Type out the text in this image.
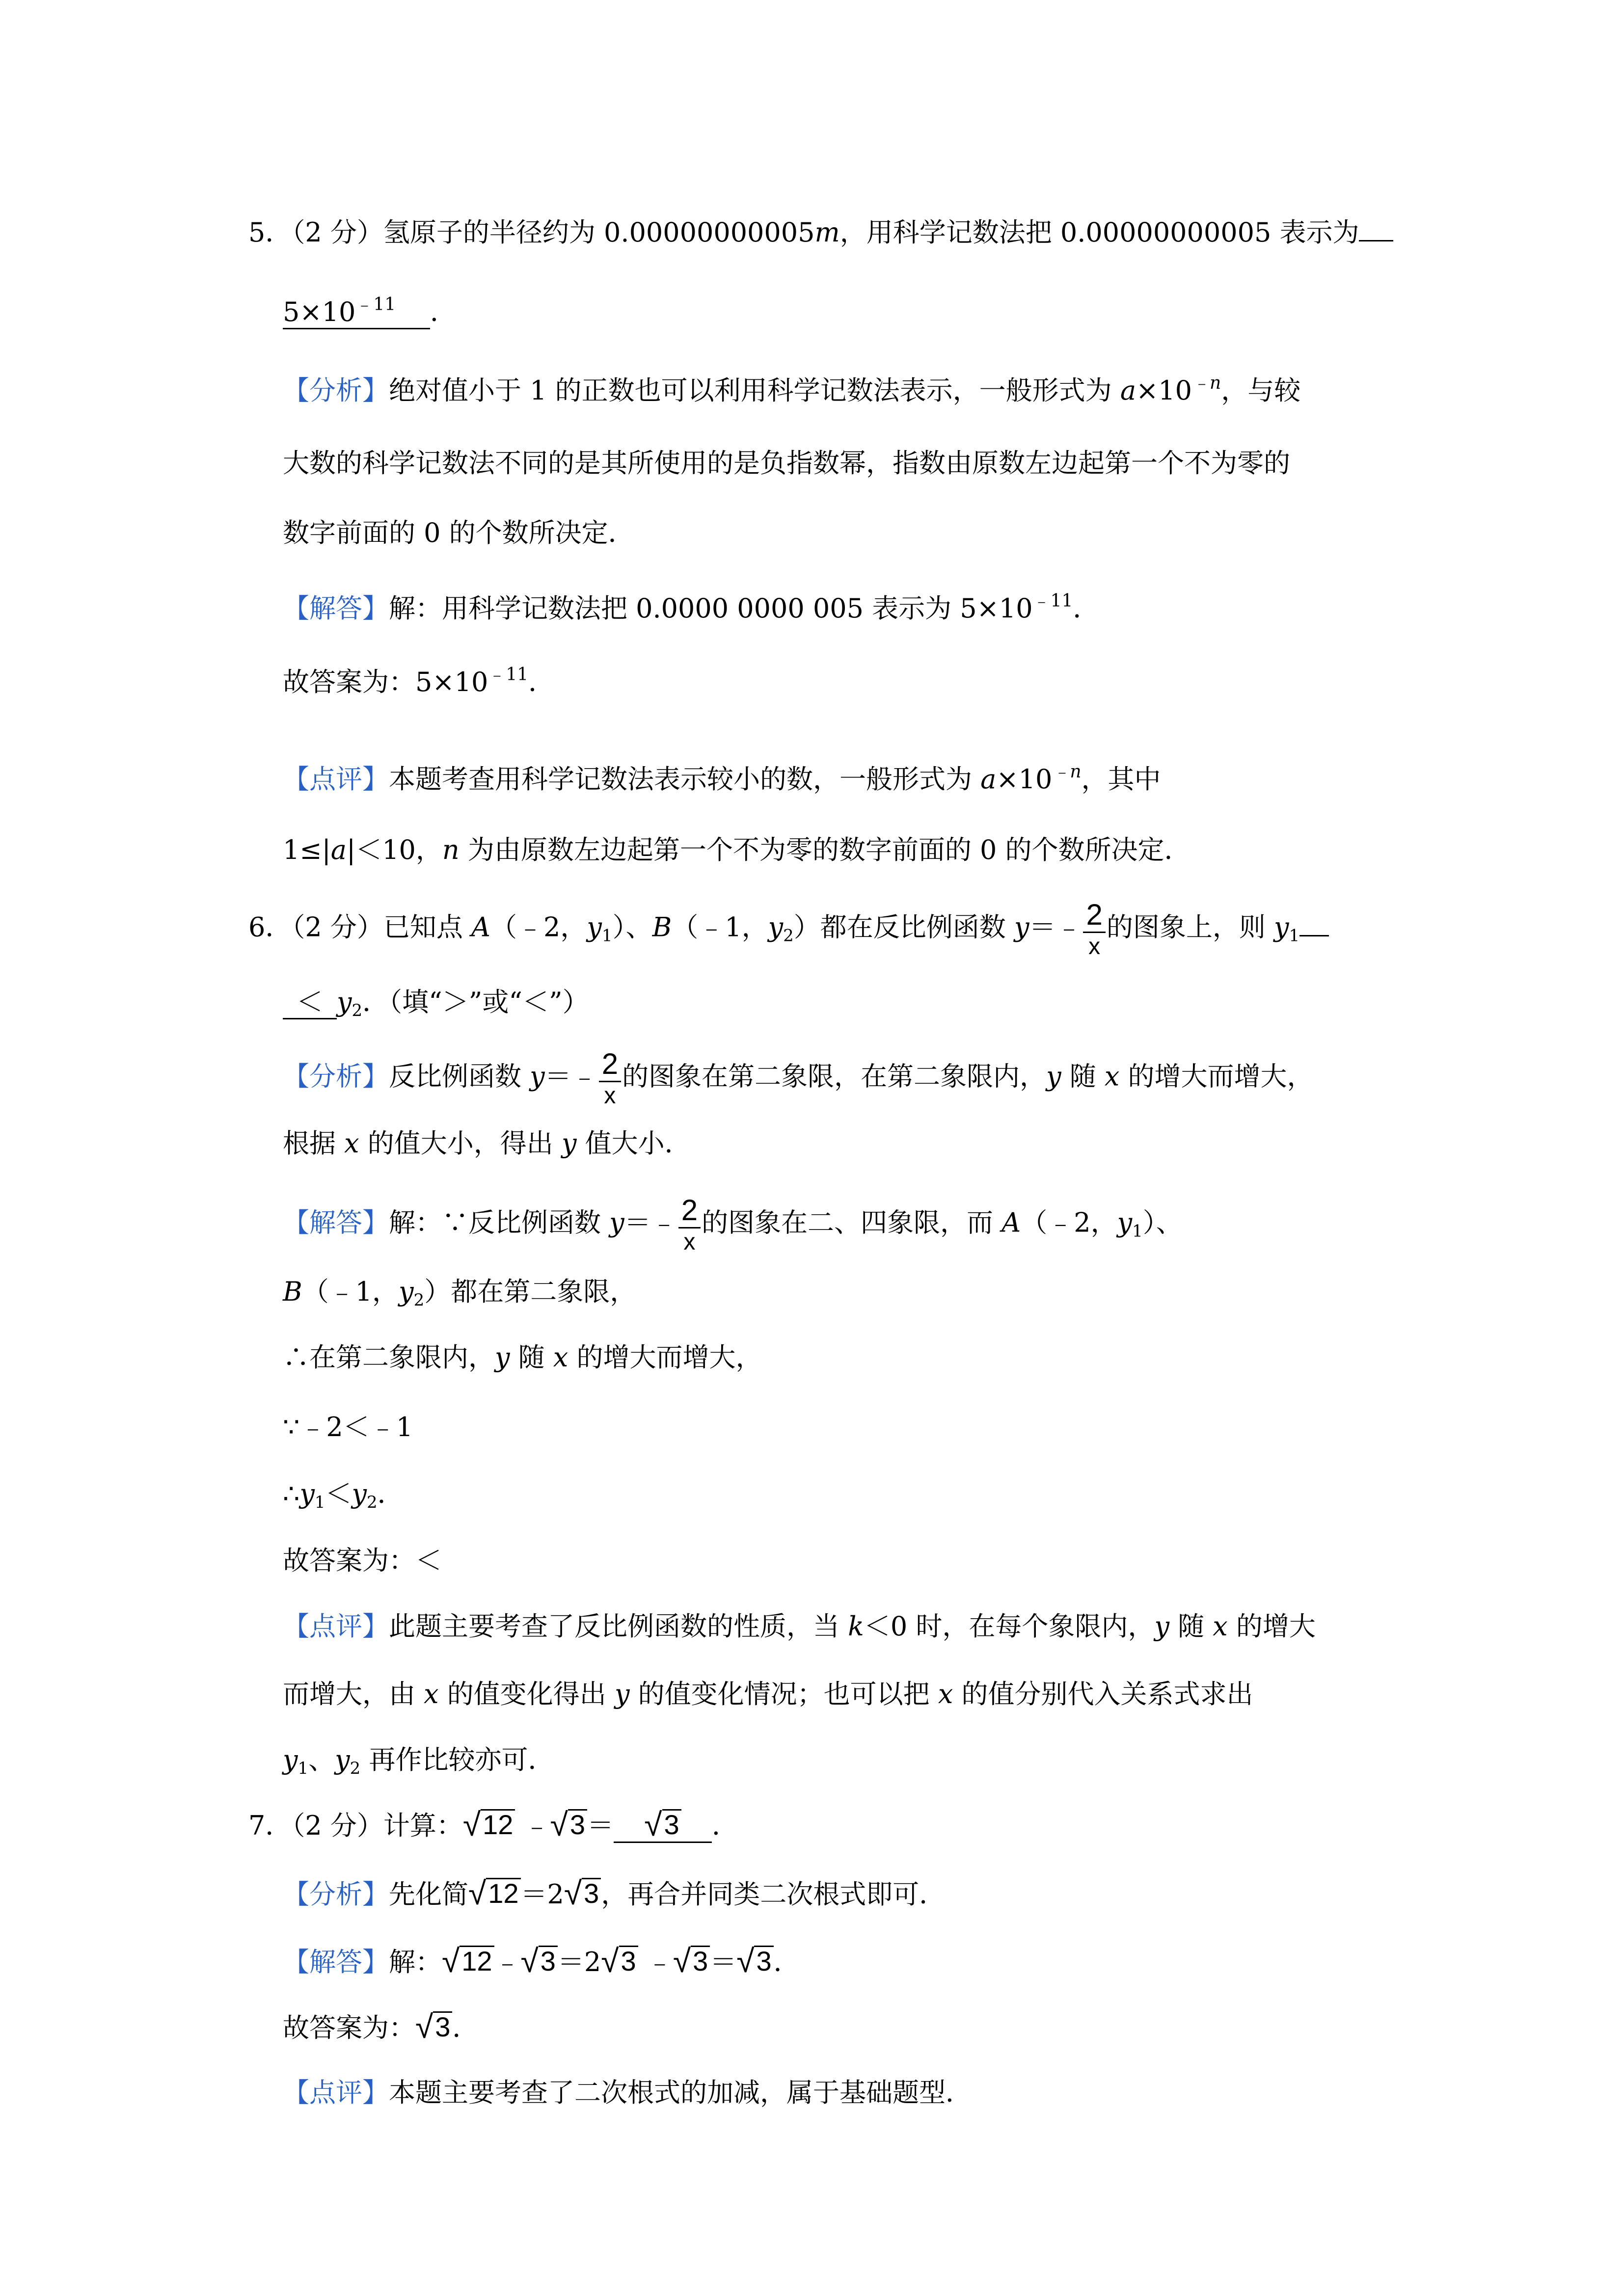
5．（2 分）氢原子的半径约为 0.00000000005m，用科学记数法把 0.00000000005 表示为
$5\times 10^{﹣11}$ ．
【分析】绝对值小于 1 的正数也可以利用科学记数法表示，一般形式为 $a\times 10^{﹣n}$，与较
大数的科学记数法不同的是其所使用的是负指数幂，指数由原数左边起第一个不为零的
数字前面的 0 的个数所决定．
【解答】解：用科学记数法把 0.0000 0000 005 表示为 $5\times 10^{﹣11}$．
故答案为：$5\times 10^{﹣11}$．
【点评】本题考查用科学记数法表示较小的数，一般形式为 $a\times 10^{﹣n}$，其中
1≤|a|＜10，n 为由原数左边起第一个不为零的数字前面的 0 的个数所决定．
6．（2 分）已知点 A（﹣2，$y_1$）、B（﹣1，$y_2$）都在反比例函数 y＝﹣ $\frac{2}{x}$ 的图象上，则 $y_1$
＜ $y_2$．（填“＞”或“＜”）
【分析】反比例函数 y＝﹣ $\frac{2}{x}$ 的图象在第二象限，在第二象限内，y 随 x 的增大而增大，
根据 x 的值大小，得出 y 值大小．
【解答】解：∵反比例函数 y＝﹣ $\frac{2}{x}$ 的图象在二、四象限，而 A（﹣2，$y_1$）、
B（﹣1，$y_2$）都在第二象限，
∴在第二象限内，y 随 x 的增大而增大，
∵﹣2＜﹣1
$\therefore y_1<y_2$．
故答案为：＜
【点评】此题主要考查了反比例函数的性质，当 k＜0 时，在每个象限内，y 随 x 的增大
而增大，由 x 的值变化得出 y 的值变化情况；也可以把 x 的值分别代入关系式求出
$y_1$、$y_2$ 再作比较亦可．
7．（2 分）计算： √ 12 ﹣ √ 3 ＝ √ 3 ．
【分析】先化简 √ 12 ＝2 √ 3 ，再合并同类二次根式即可．
【解答】解： √ 12 ﹣ √ 3 ＝2 √ 3 ﹣ √ 3 ＝ √ 3 ．
故答案为： √ 3 ．
【点评】本题主要考查了二次根式的加减，属于基础题型．
